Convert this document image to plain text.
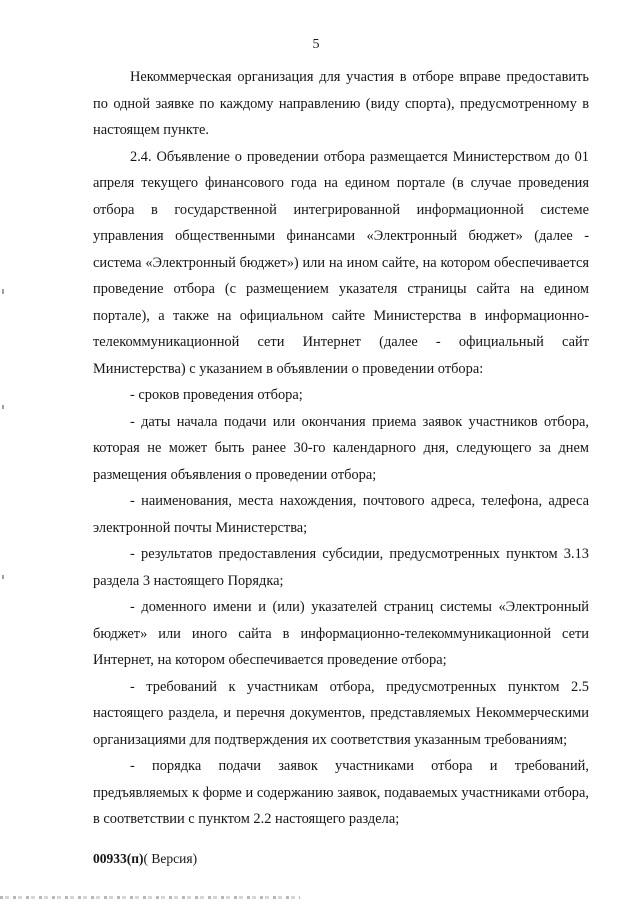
5

Некоммерческая организация для участия в отборе вправе предоставить по одной заявке по каждому направлению (виду спорта), предусмотренному в настоящем пункте.

2.4. Объявление о проведении отбора размещается Министерством до 01 апреля текущего финансового года на едином портале (в случае проведения отбора в государственной интегрированной информационной системе управления общественными финансами «Электронный бюджет» (далее - система «Электронный бюджет») или на ином сайте, на котором обеспечивается проведение отбора (с размещением указателя страницы сайта на едином портале), а также на официальном сайте Министерства в информационно-телекоммуникационной сети Интернет (далее - официальный сайт Министерства) с указанием в объявлении о проведении отбора:

- сроков проведения отбора;

- даты начала подачи или окончания приема заявок участников отбора, которая не может быть ранее 30-го календарного дня, следующего за днем размещения объявления о проведении отбора;

- наименования, места нахождения, почтового адреса, телефона, адреса электронной почты Министерства;

- результатов предоставления субсидии, предусмотренных пунктом 3.13 раздела 3 настоящего Порядка;

- доменного имени и (или) указателей страниц системы «Электронный бюджет» или иного сайта в информационно-телекоммуникационной сети Интернет, на котором обеспечивается проведение отбора;

- требований к участникам отбора, предусмотренных пунктом 2.5 настоящего раздела, и перечня документов, представляемых Некоммерческими организациями для подтверждения их соответствия указанным требованиям;

- порядка подачи заявок участниками отбора и требований, предъявляемых к форме и содержанию заявок, подаваемых участниками отбора, в соответствии с пунктом 2.2 настоящего раздела;

00933(п)( Версия)
